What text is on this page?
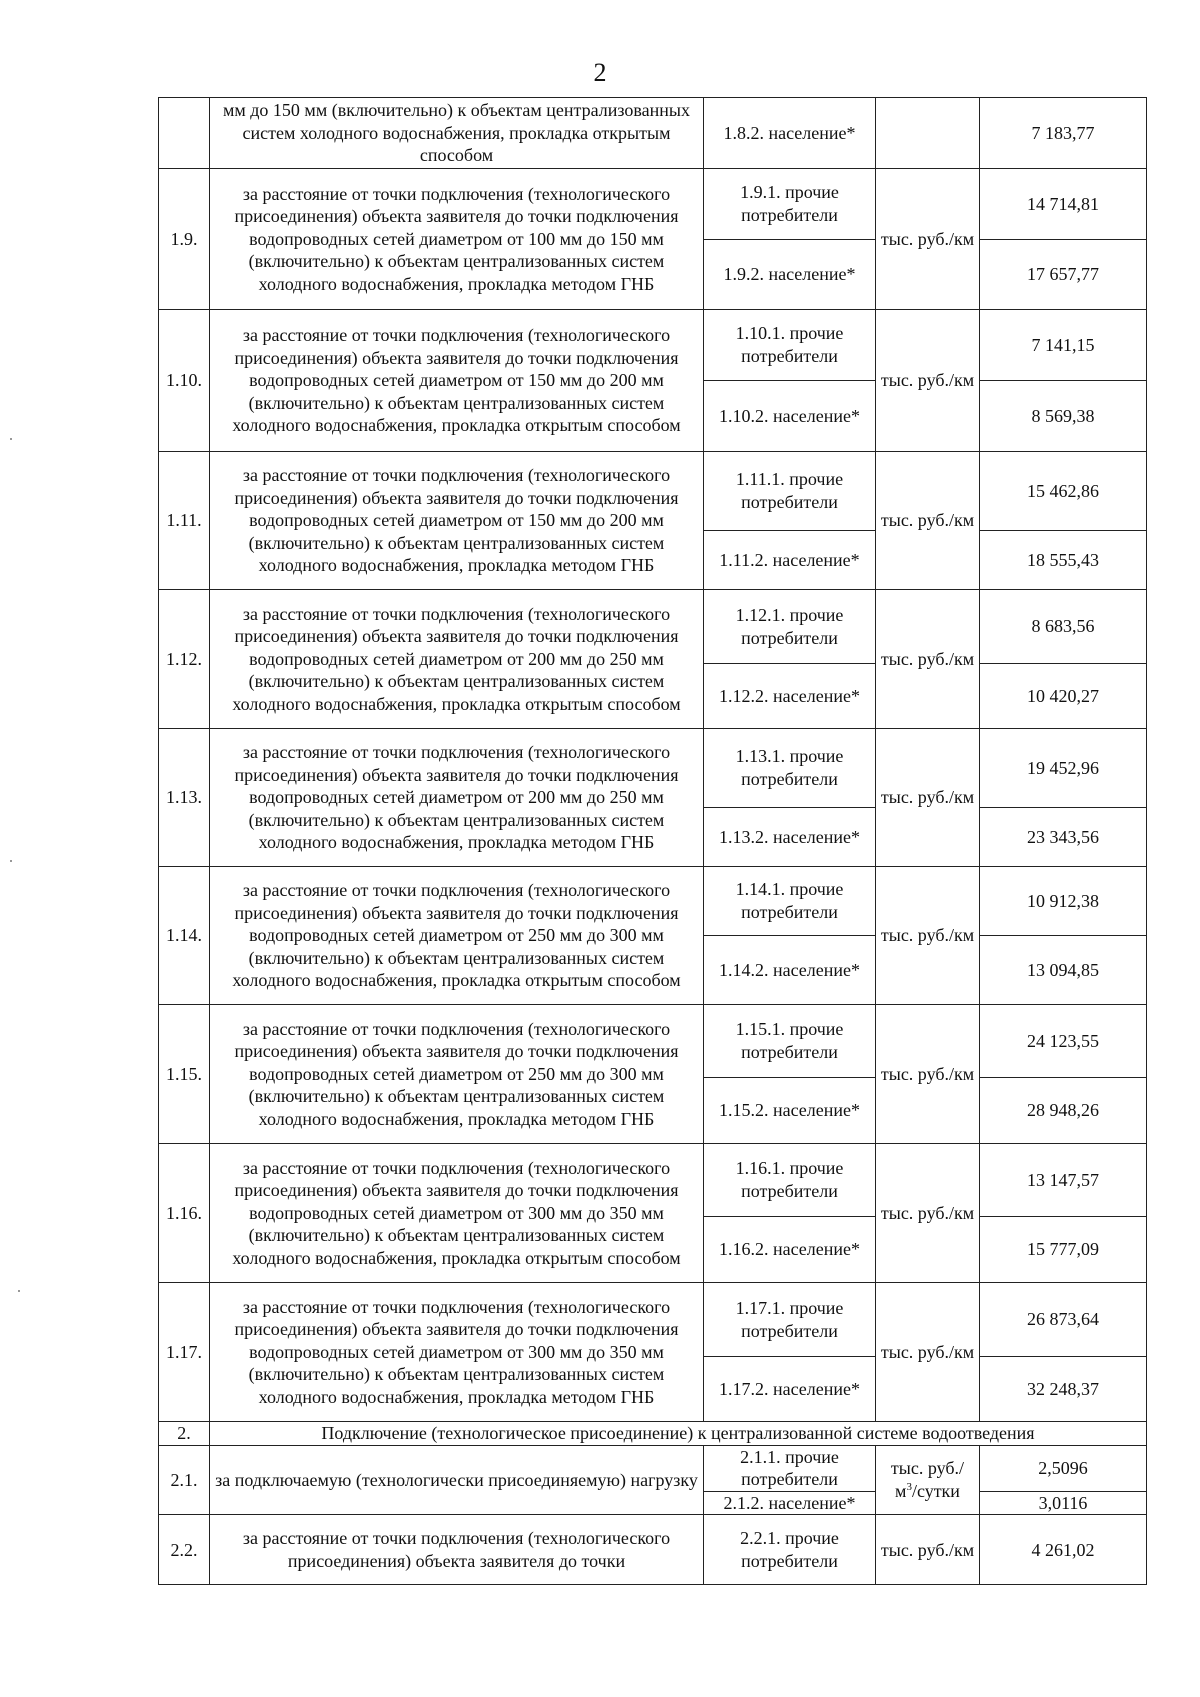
2
	мм до 150 мм (включительно) к объектам централизованных систем холодного водоснабжения, прокладка открытым способом	1.8.2. население*		7 183,77
1.9.	за расстояние от точки подключения (технологического присоединения) объекта заявителя до точки подключения водопроводных сетей диаметром от 100 мм до 150 мм (включительно) к объектам централизованных систем холодного водоснабжения, прокладка методом ГНБ	1.9.1. прочие потребители	тыс. руб./км	14 714,81
		1.9.2. население*		17 657,77
1.10.	за расстояние от точки подключения (технологического присоединения) объекта заявителя до точки подключения водопроводных сетей диаметром от 150 мм до 200 мм (включительно) к объектам централизованных систем холодного водоснабжения, прокладка открытым способом	1.10.1. прочие потребители	тыс. руб./км	7 141,15
		1.10.2. население*		8 569,38
1.11.	за расстояние от точки подключения (технологического присоединения) объекта заявителя до точки подключения водопроводных сетей диаметром от 150 мм до 200 мм (включительно) к объектам централизованных систем холодного водоснабжения, прокладка методом ГНБ	1.11.1. прочие потребители	тыс. руб./км	15 462,86
		1.11.2. население*		18 555,43
1.12.	за расстояние от точки подключения (технологического присоединения) объекта заявителя до точки подключения водопроводных сетей диаметром от 200 мм до 250 мм (включительно) к объектам централизованных систем холодного водоснабжения, прокладка открытым способом	1.12.1. прочие потребители	тыс. руб./км	8 683,56
		1.12.2. население*		10 420,27
1.13.	за расстояние от точки подключения (технологического присоединения) объекта заявителя до точки подключения водопроводных сетей диаметром от 200 мм до 250 мм (включительно) к объектам централизованных систем холодного водоснабжения, прокладка методом ГНБ	1.13.1. прочие потребители	тыс. руб./км	19 452,96
		1.13.2. население*		23 343,56
1.14.	за расстояние от точки подключения (технологического присоединения) объекта заявителя до точки подключения водопроводных сетей диаметром от 250 мм до 300 мм (включительно) к объектам централизованных систем холодного водоснабжения, прокладка открытым способом	1.14.1. прочие потребители	тыс. руб./км	10 912,38
		1.14.2. население*		13 094,85
1.15.	за расстояние от точки подключения (технологического присоединения) объекта заявителя до точки подключения водопроводных сетей диаметром от 250 мм до 300 мм (включительно) к объектам централизованных систем холодного водоснабжения, прокладка методом ГНБ	1.15.1. прочие потребители	тыс. руб./км	24 123,55
		1.15.2. население*		28 948,26
1.16.	за расстояние от точки подключения (технологического присоединения) объекта заявителя до точки подключения водопроводных сетей диаметром от 300 мм до 350 мм (включительно) к объектам централизованных систем холодного водоснабжения, прокладка открытым способом	1.16.1. прочие потребители	тыс. руб./км	13 147,57
		1.16.2. население*		15 777,09
1.17.	за расстояние от точки подключения (технологического присоединения) объекта заявителя до точки подключения водопроводных сетей диаметром от 300 мм до 350 мм (включительно) к объектам централизованных систем холодного водоснабжения, прокладка методом ГНБ	1.17.1. прочие потребители	тыс. руб./км	26 873,64
		1.17.2. население*		32 248,37
2.	Подключение (технологическое присоединение) к централизованной системе водоотведения			
2.1.	за подключаемую (технологически присоединяемую) нагрузку	2.1.1. прочие потребители	тыс. руб./ $м^3$/сутки	2,5096
		2.1.2. население*		3,0116
2.2.	за расстояние от точки подключения (технологического присоединения) объекта заявителя до точки	2.2.1. прочие потребители	тыс. руб./км	4 261,02
